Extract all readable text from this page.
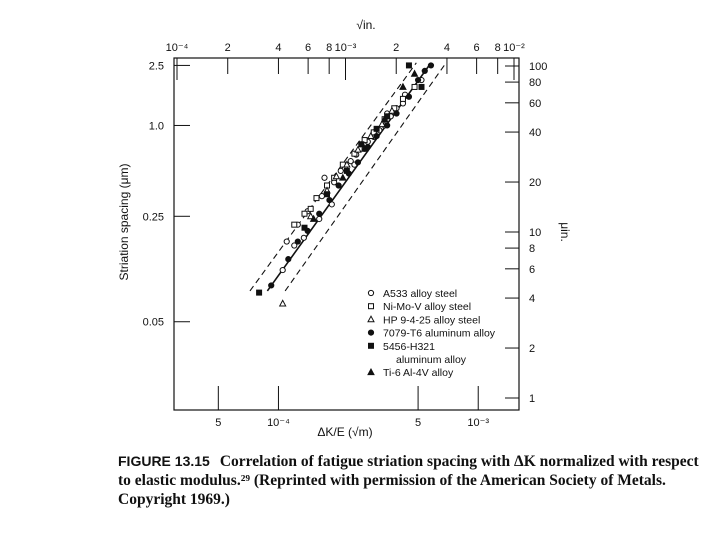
5	10⁻⁴	5	10⁻³
10⁻⁴	2	4 6 8 10⁻³	2	4 6 8 10⁻²
2.5
1.0
0.25
0.05
100
80
60
40
20
10
8
6
4
2
1
A533 alloy steel
Ni-Mo-V alloy steel
HP 9-4-25 alloy steel
7079-T6 aluminum alloy
5456-H321
aluminum alloy
Ti-6 Al-4V alloy
√in.
ΔK/E (√m)
Striation spacing (μm)	μin.
FIGURE 13.15 Correlation of fatigue striation spacing with ΔK normalized with respect to elastic modulus.²⁹ (Reprinted with permission of the American Society of Metals. Copyright 1969.)
